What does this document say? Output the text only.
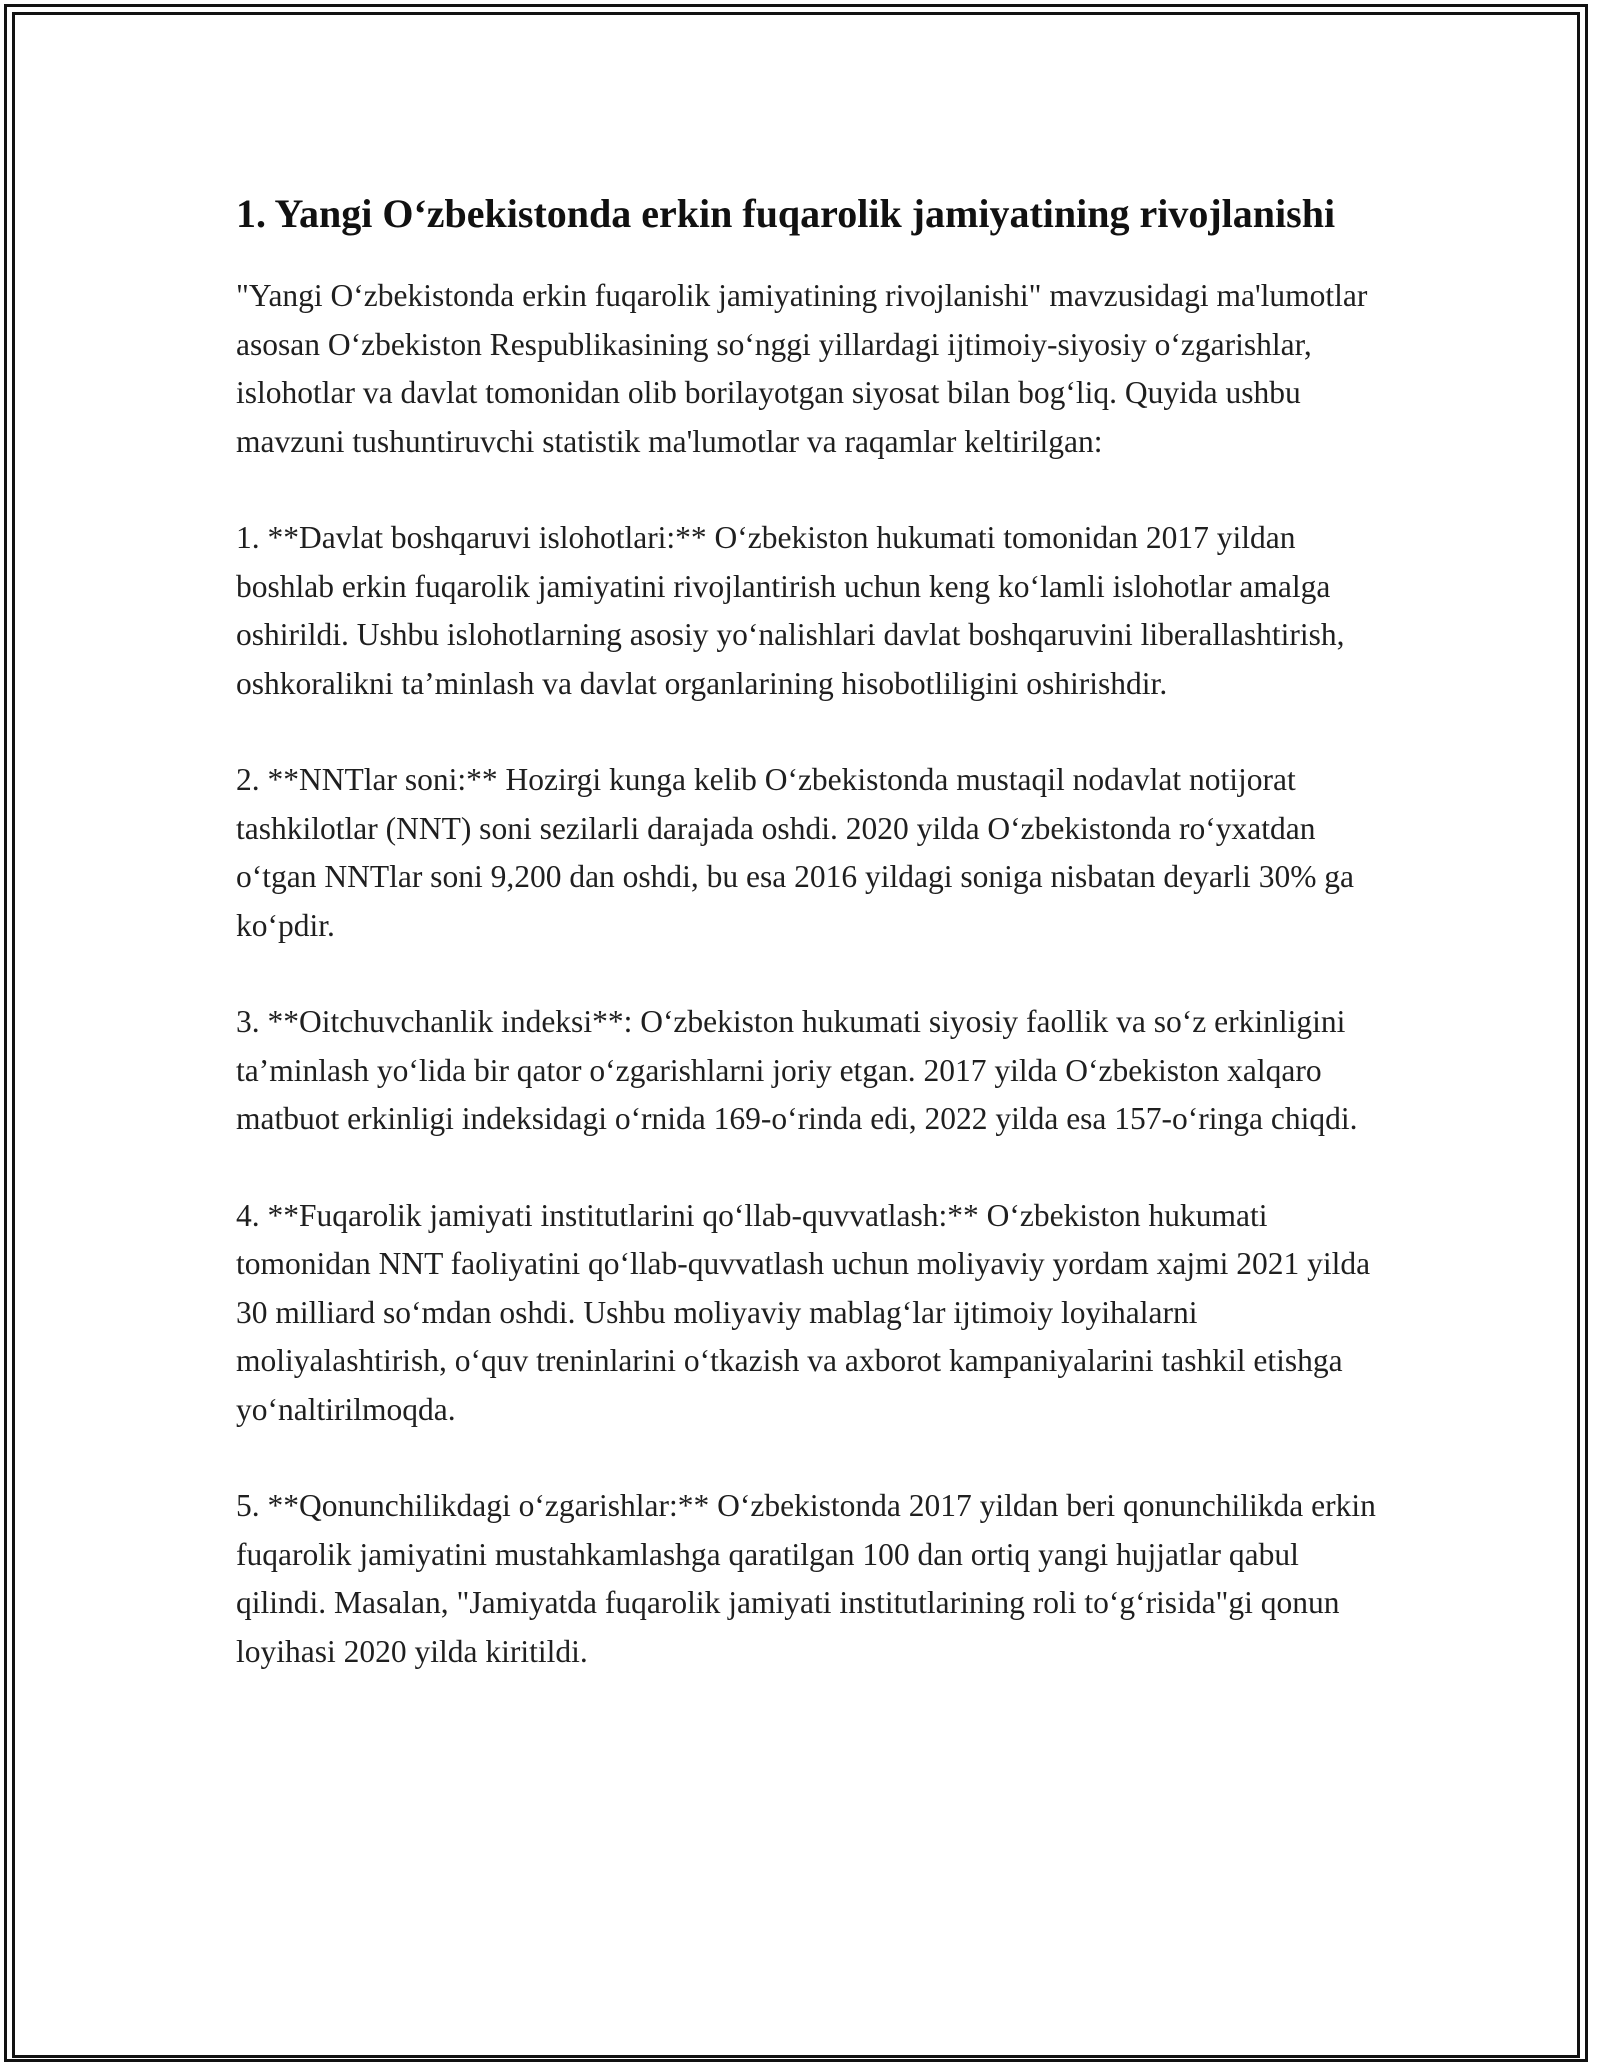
1. Yangi O‘zbekistonda erkin fuqarolik jamiyatining rivojlanishi

"Yangi O‘zbekistonda erkin fuqarolik jamiyatining rivojlanishi" mavzusidagi ma'lumotlar asosan O‘zbekiston Respublikasining so‘nggi yillardagi ijtimoiy-siyosiy o‘zgarishlar, islohotlar va davlat tomonidan olib borilayotgan siyosat bilan bog‘liq. Quyida ushbu mavzuni tushuntiruvchi statistik ma'lumotlar va raqamlar keltirilgan:

1. **Davlat boshqaruvi islohotlari:** O‘zbekiston hukumati tomonidan 2017 yildan boshlab erkin fuqarolik jamiyatini rivojlantirish uchun keng ko‘lamli islohotlar amalga oshirildi. Ushbu islohotlarning asosiy yo‘nalishlari davlat boshqaruvini liberallashtirish, oshkoralikni ta’minlash va davlat organlarining hisobotliligini oshirishdir.

2. **NNTlar soni:** Hozirgi kunga kelib O‘zbekistonda mustaqil nodavlat notijorat tashkilotlar (NNT) soni sezilarli darajada oshdi. 2020 yilda O‘zbekistonda ro‘yxatdan o‘tgan NNTlar soni 9,200 dan oshdi, bu esa 2016 yildagi soniga nisbatan deyarli 30% ga ko‘pdir.

3. **Oitchuvchanlik indeksi**: O‘zbekiston hukumati siyosiy faollik va so‘z erkinligini ta’minlash yo‘lida bir qator o‘zgarishlarni joriy etgan. 2017 yilda O‘zbekiston xalqaro matbuot erkinligi indeksidagi o‘rnida 169-o‘rinda edi, 2022 yilda esa 157-o‘ringa chiqdi.

4. **Fuqarolik jamiyati institutlarini qo‘llab-quvvatlash:** O‘zbekiston hukumati tomonidan NNT faoliyatini qo‘llab-quvvatlash uchun moliyaviy yordam xajmi 2021 yilda 30 milliard so‘mdan oshdi. Ushbu moliyaviy mablag‘lar ijtimoiy loyihalarni moliyalashtirish, o‘quv treninlarini o‘tkazish va axborot kampaniyalarini tashkil etishga yo‘naltirilmoqda.

5. **Qonunchilikdagi o‘zgarishlar:** O‘zbekistonda 2017 yildan beri qonunchilikda erkin fuqarolik jamiyatini mustahkamlashga qaratilgan 100 dan ortiq yangi hujjatlar qabul qilindi. Masalan, "Jamiyatda fuqarolik jamiyati institutlarining roli to‘g‘risida"gi qonun loyihasi 2020 yilda kiritildi.
